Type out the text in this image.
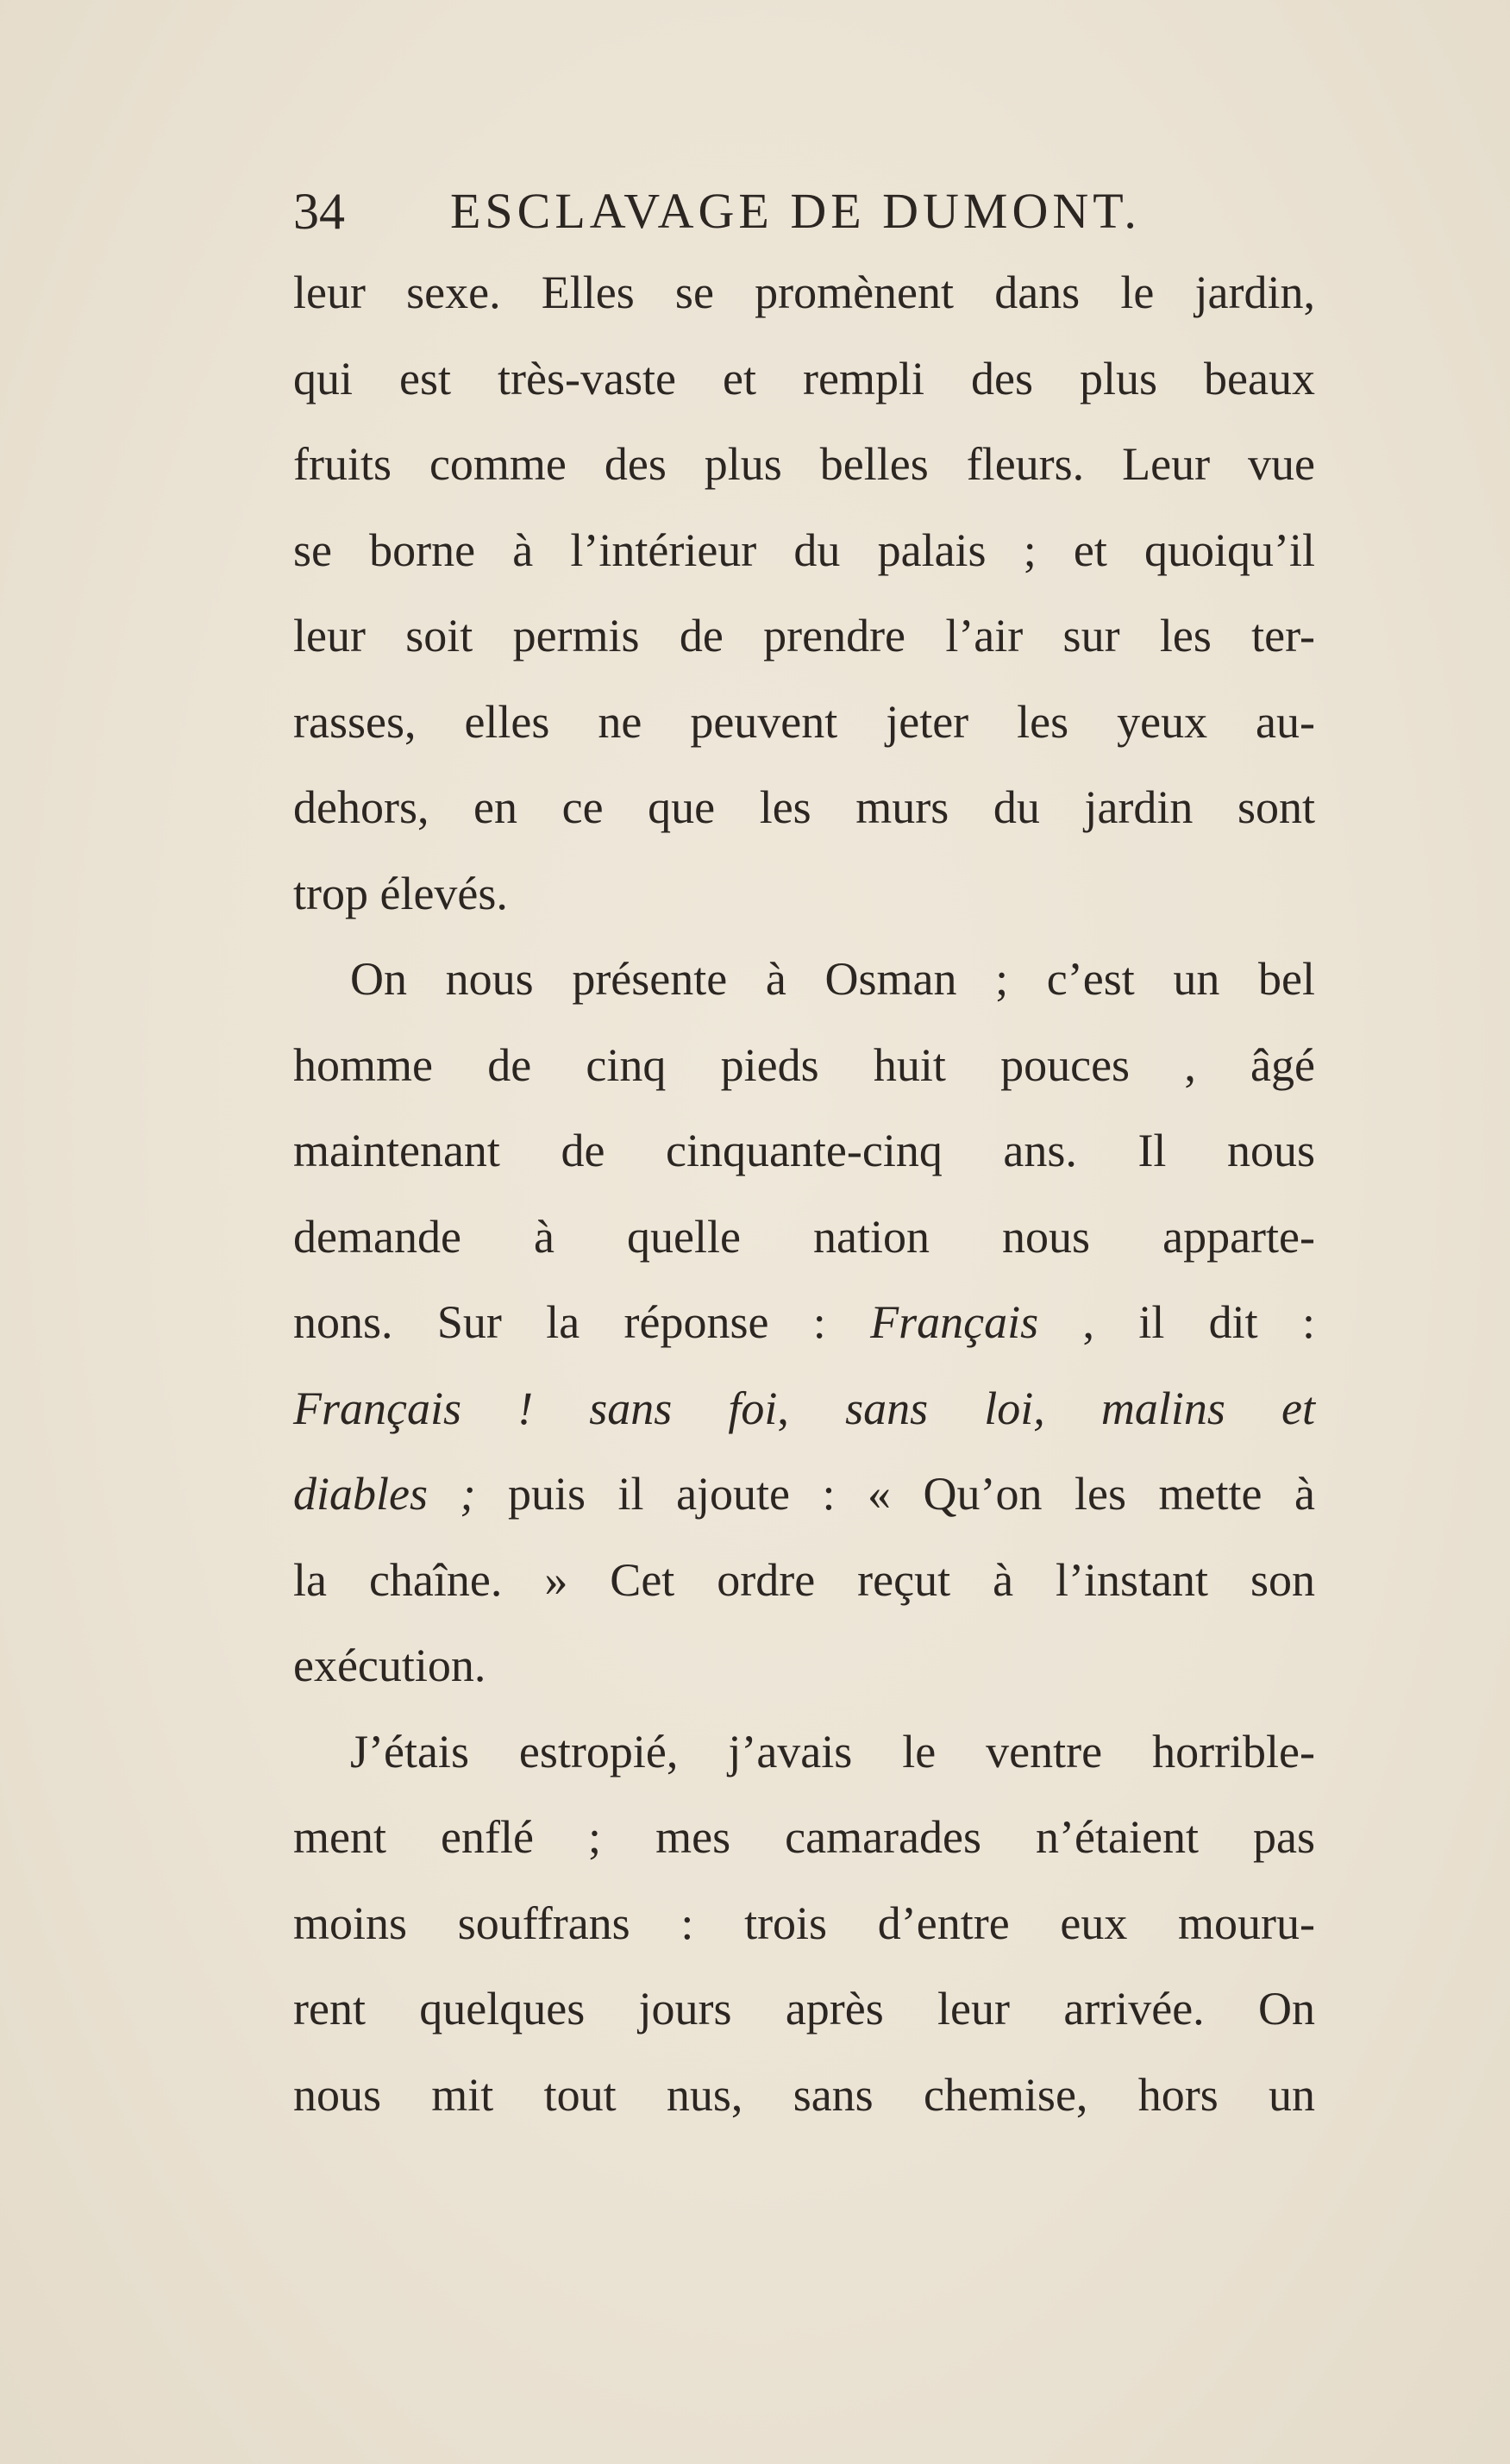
34 ESCLAVAGE DE DUMONT.
leur sexe. Elles se promènent dans le jardin,
qui est très-vaste et rempli des plus beaux
fruits comme des plus belles fleurs. Leur vue
se borne à l’intérieur du palais ; et quoiqu’il
leur soit permis de prendre l’air sur les ter-
rasses, elles ne peuvent jeter les yeux au-
dehors, en ce que les murs du jardin sont
trop élevés.
On nous présente à Osman ; c’est un bel
homme de cinq pieds huit pouces , âgé
maintenant de cinquante-cinq ans. Il nous
demande à quelle nation nous apparte-
nons. Sur la réponse : Français , il dit :
Français ! sans foi, sans loi, malins et
diables ; puis il ajoute : « Qu’on les mette à
la chaîne. » Cet ordre reçut à l’instant son
exécution.
J’étais estropié, j’avais le ventre horrible-
ment enflé ; mes camarades n’étaient pas
moins souffrans : trois d’entre eux mouru-
rent quelques jours après leur arrivée. On
nous mit tout nus, sans chemise, hors un
